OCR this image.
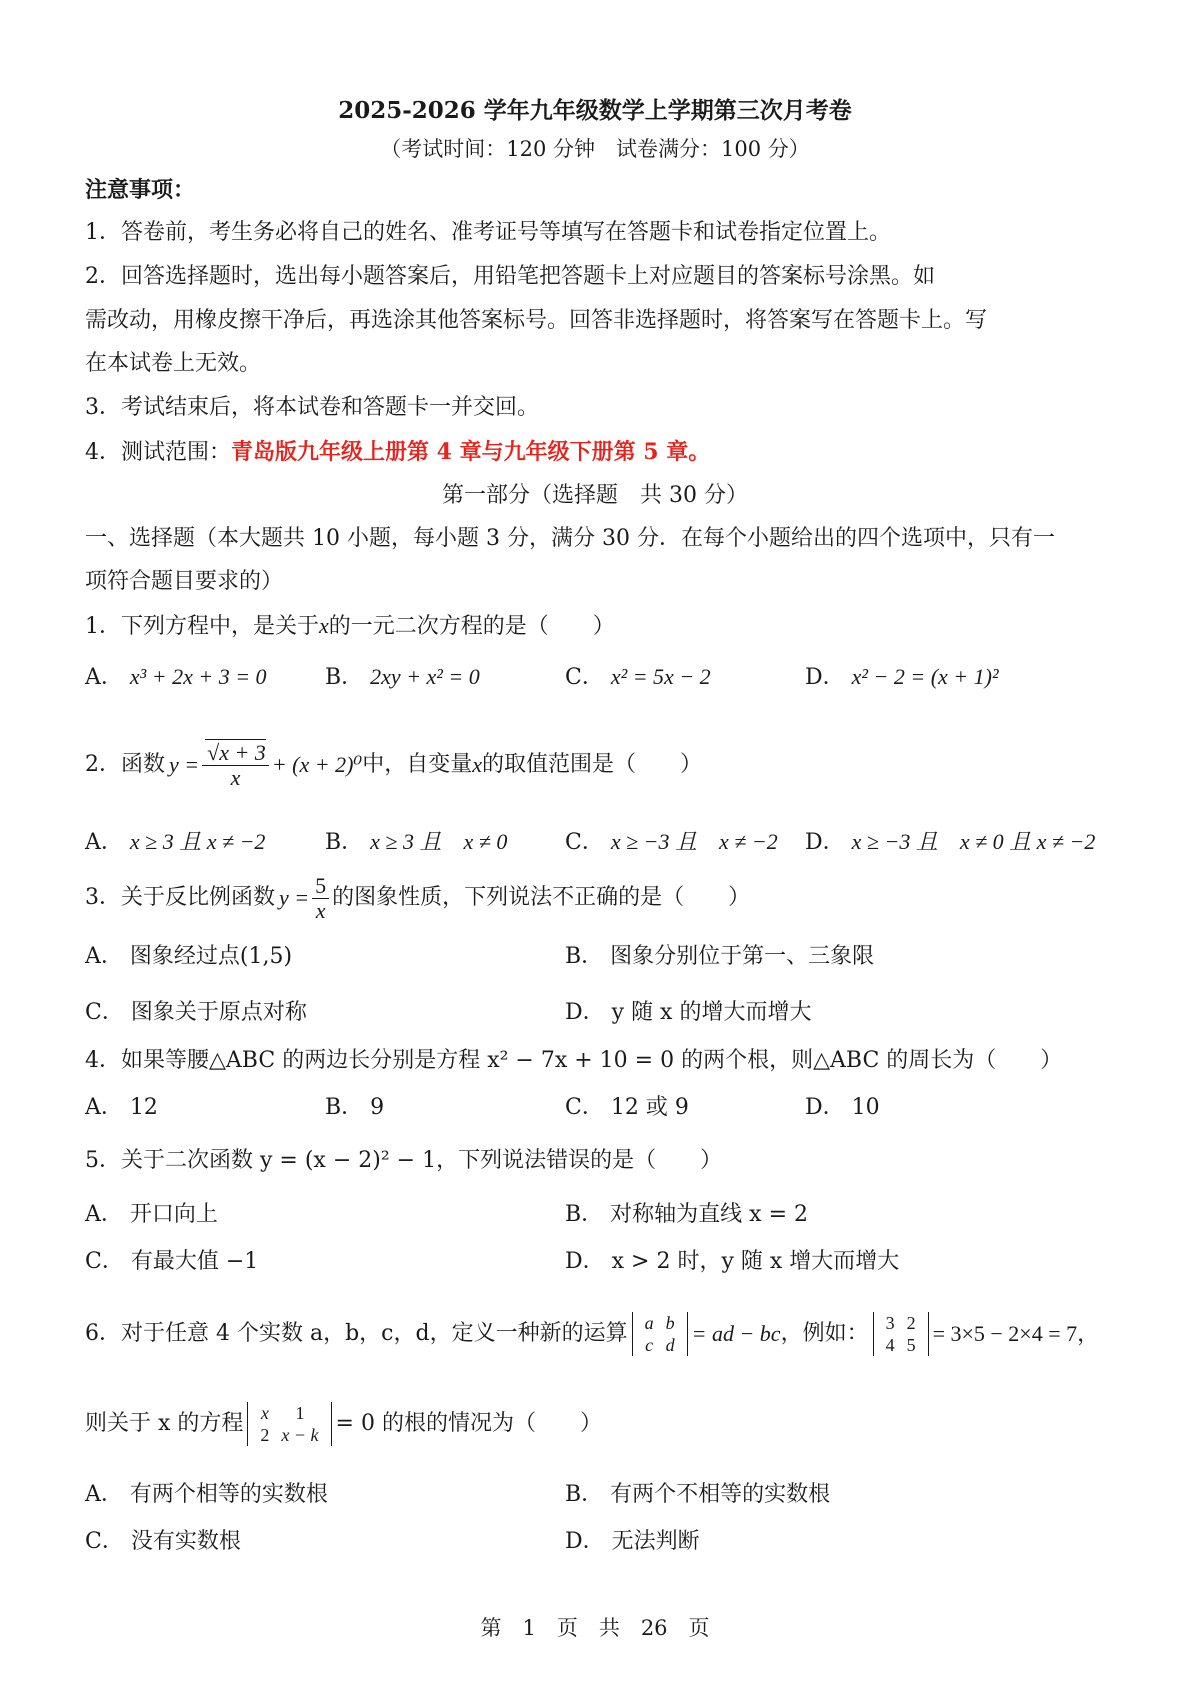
2025-2026 学年九年级数学上学期第三次月考卷
（考试时间：120 分钟　试卷满分：100 分）
注意事项：
1．答卷前，考生务必将自己的姓名、准考证号等填写在答题卡和试卷指定位置上。
2．回答选择题时，选出每小题答案后，用铅笔把答题卡上对应题目的答案标号涂黑。如
需改动，用橡皮擦干净后，再选涂其他答案标号。回答非选择题时，将答案写在答题卡上。写
在本试卷上无效。
3．考试结束后，将本试卷和答题卡一并交回。
4．测试范围：青岛版九年级上册第 4 章与九年级下册第 5 章。
第一部分（选择题　共 30 分）
一、选择题（本大题共 10 小题，每小题 3 分，满分 30 分．在每个小题给出的四个选项中，只有一
项符合题目要求的）
1．下列方程中，是关于x的一元二次方程的是（　　）
A． x³ + 2x + 3 = 0	B． 2xy + x² = 0	C． x² = 5x − 2	D． x² − 2 = (x + 1)²
2．函数 $y = \frac{√x + 3}{x} + (x + 2)^0$ 中，自变量 x 的取值范围是（　　）
A． x ≥ 3 且 x ≠ −2	B． x ≥ 3 且　x ≠ 0	C． x ≥ −3 且　x ≠ −2 D． x ≥ −3 且　x ≠ 0 且 x ≠ −2
3．关于反比例函数 $y = \frac{5}{x}$ 的图象性质，下列说法不正确的是（　　）
A． 图象经过点(1,5)	B． 图象分别位于第一、三象限
C． 图象关于原点对称	D． y 随 x 的增大而增大
4．如果等腰△ABC 的两边长分别是方程 x² − 7x + 10 = 0 的两个根，则△ABC 的周长为（　　）
A． 12	B． 9	C． 12 或 9	D． 10
5．关于二次函数 y = (x − 2)² − 1，下列说法错误的是（　　）
A． 开口向上	B． 对称轴为直线 x = 2
C． 有最大值 −1	D． x > 2 时，y 随 x 增大而增大
6．对于任意 4 个实数 a，b，c，d，定义一种新的运算 a	b
c	d = ad − bc ，例如： 3	2
4	5 = 3×5 − 2×4 = 7，
则关于 x 的方程 x	1
2	x − k = 0 的根的情况为（　　）
A． 有两个相等的实数根	B． 有两个不相等的实数根
C． 没有实数根	D． 无法判断
第　1　页　共　26　页
